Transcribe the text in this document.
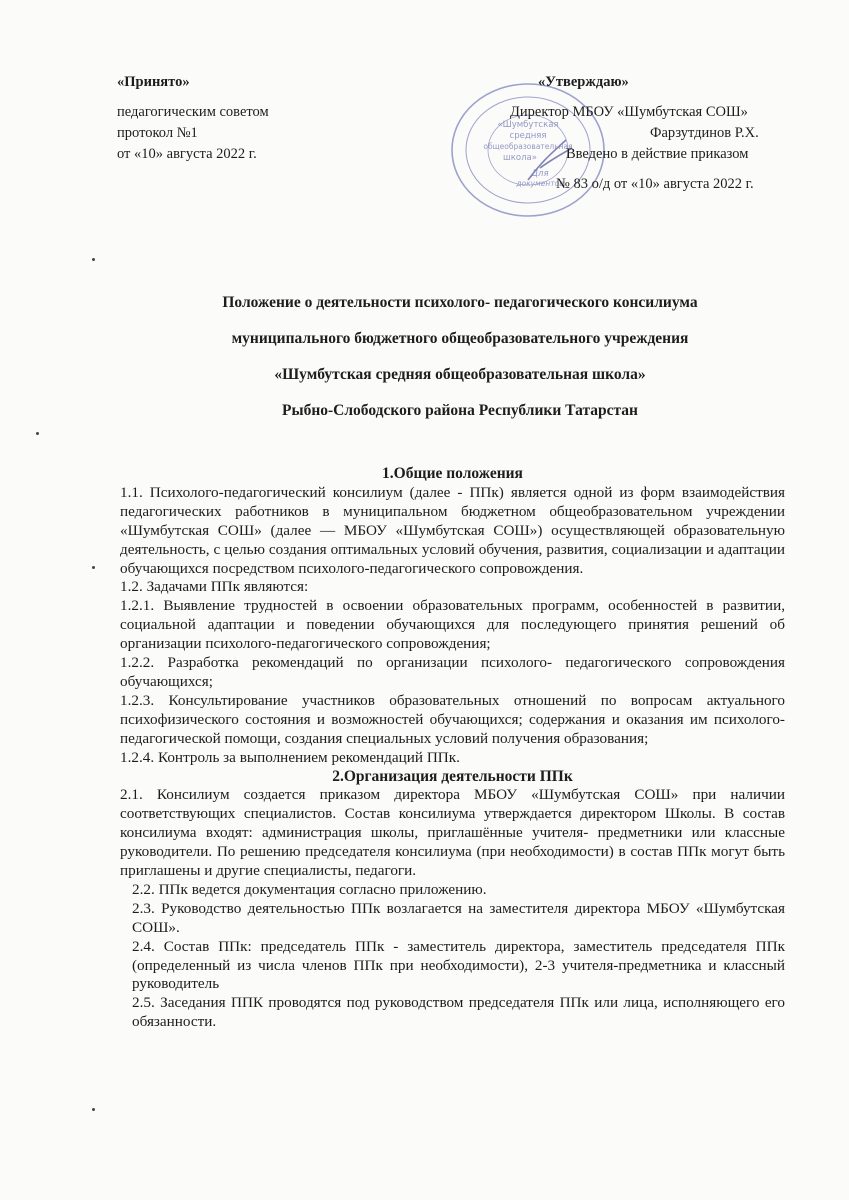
«Принято»
педагогическим советом
протокол №1
от «10» августа 2022 г.
«Шумбутская
средняя
общеобразовательная
школа»
Для
документов
«Утверждаю»
Директор МБОУ «Шумбутская СОШ»
Фарзутдинов Р.Х.
Введено в действие приказом
№ 83 о/д от «10» августа 2022 г.
Положение о деятельности психолого- педагогического консилиума
муниципального бюджетного общеобразовательного учреждения
«Шумбутская средняя общеобразовательная школа»
Рыбно-Слободского района Республики Татарстан
1.Общие положения
1.1. Психолого-педагогический консилиум (далее - ППк) является одной из форм взаимодействия педагогических работников в муниципальном бюджетном общеобразовательном учреждении «Шумбутская СОШ» (далее — МБОУ «Шумбутская СОШ») осуществляющей образовательную деятельность, с целью создания оптимальных условий обучения, развития, социализации и адаптации обучающихся посредством психолого-педагогического сопровождения.
1.2. Задачами ППк являются:
1.2.1. Выявление трудностей в освоении образовательных программ, особенностей в развитии, социальной адаптации и поведении обучающихся для последующего принятия решений об организации психолого-педагогического сопровождения;
1.2.2. Разработка рекомендаций по организации психолого- педагогического сопровождения обучающихся;
1.2.3. Консультирование участников образовательных отношений по вопросам актуального психофизического состояния и возможностей обучающихся; содержания и оказания им психолого-педагогической помощи, создания специальных условий получения образования;
1.2.4. Контроль за выполнением рекомендаций ППк.
2.Организация деятельности ППк
2.1. Консилиум создается приказом директора МБОУ «Шумбутская СОШ» при наличии соответствующих специалистов. Состав консилиума утверждается директором Школы. В состав консилиума входят: администрация школы, приглашённые учителя- предметники или классные руководители. По решению председателя консилиума (при необходимости) в состав ППк могут быть приглашены и другие специалисты, педагоги.
2.2. ППк ведется документация согласно приложению.
2.3. Руководство деятельностью ППк возлагается на заместителя директора МБОУ «Шумбутская СОШ».
2.4. Состав ППк: председатель ППк - заместитель директора, заместитель председателя ППк (определенный из числа членов ППк при необходимости), 2-3 учителя-предметника и классный руководитель
2.5. Заседания ППК проводятся под руководством председателя ППк или лица, исполняющего его обязанности.
